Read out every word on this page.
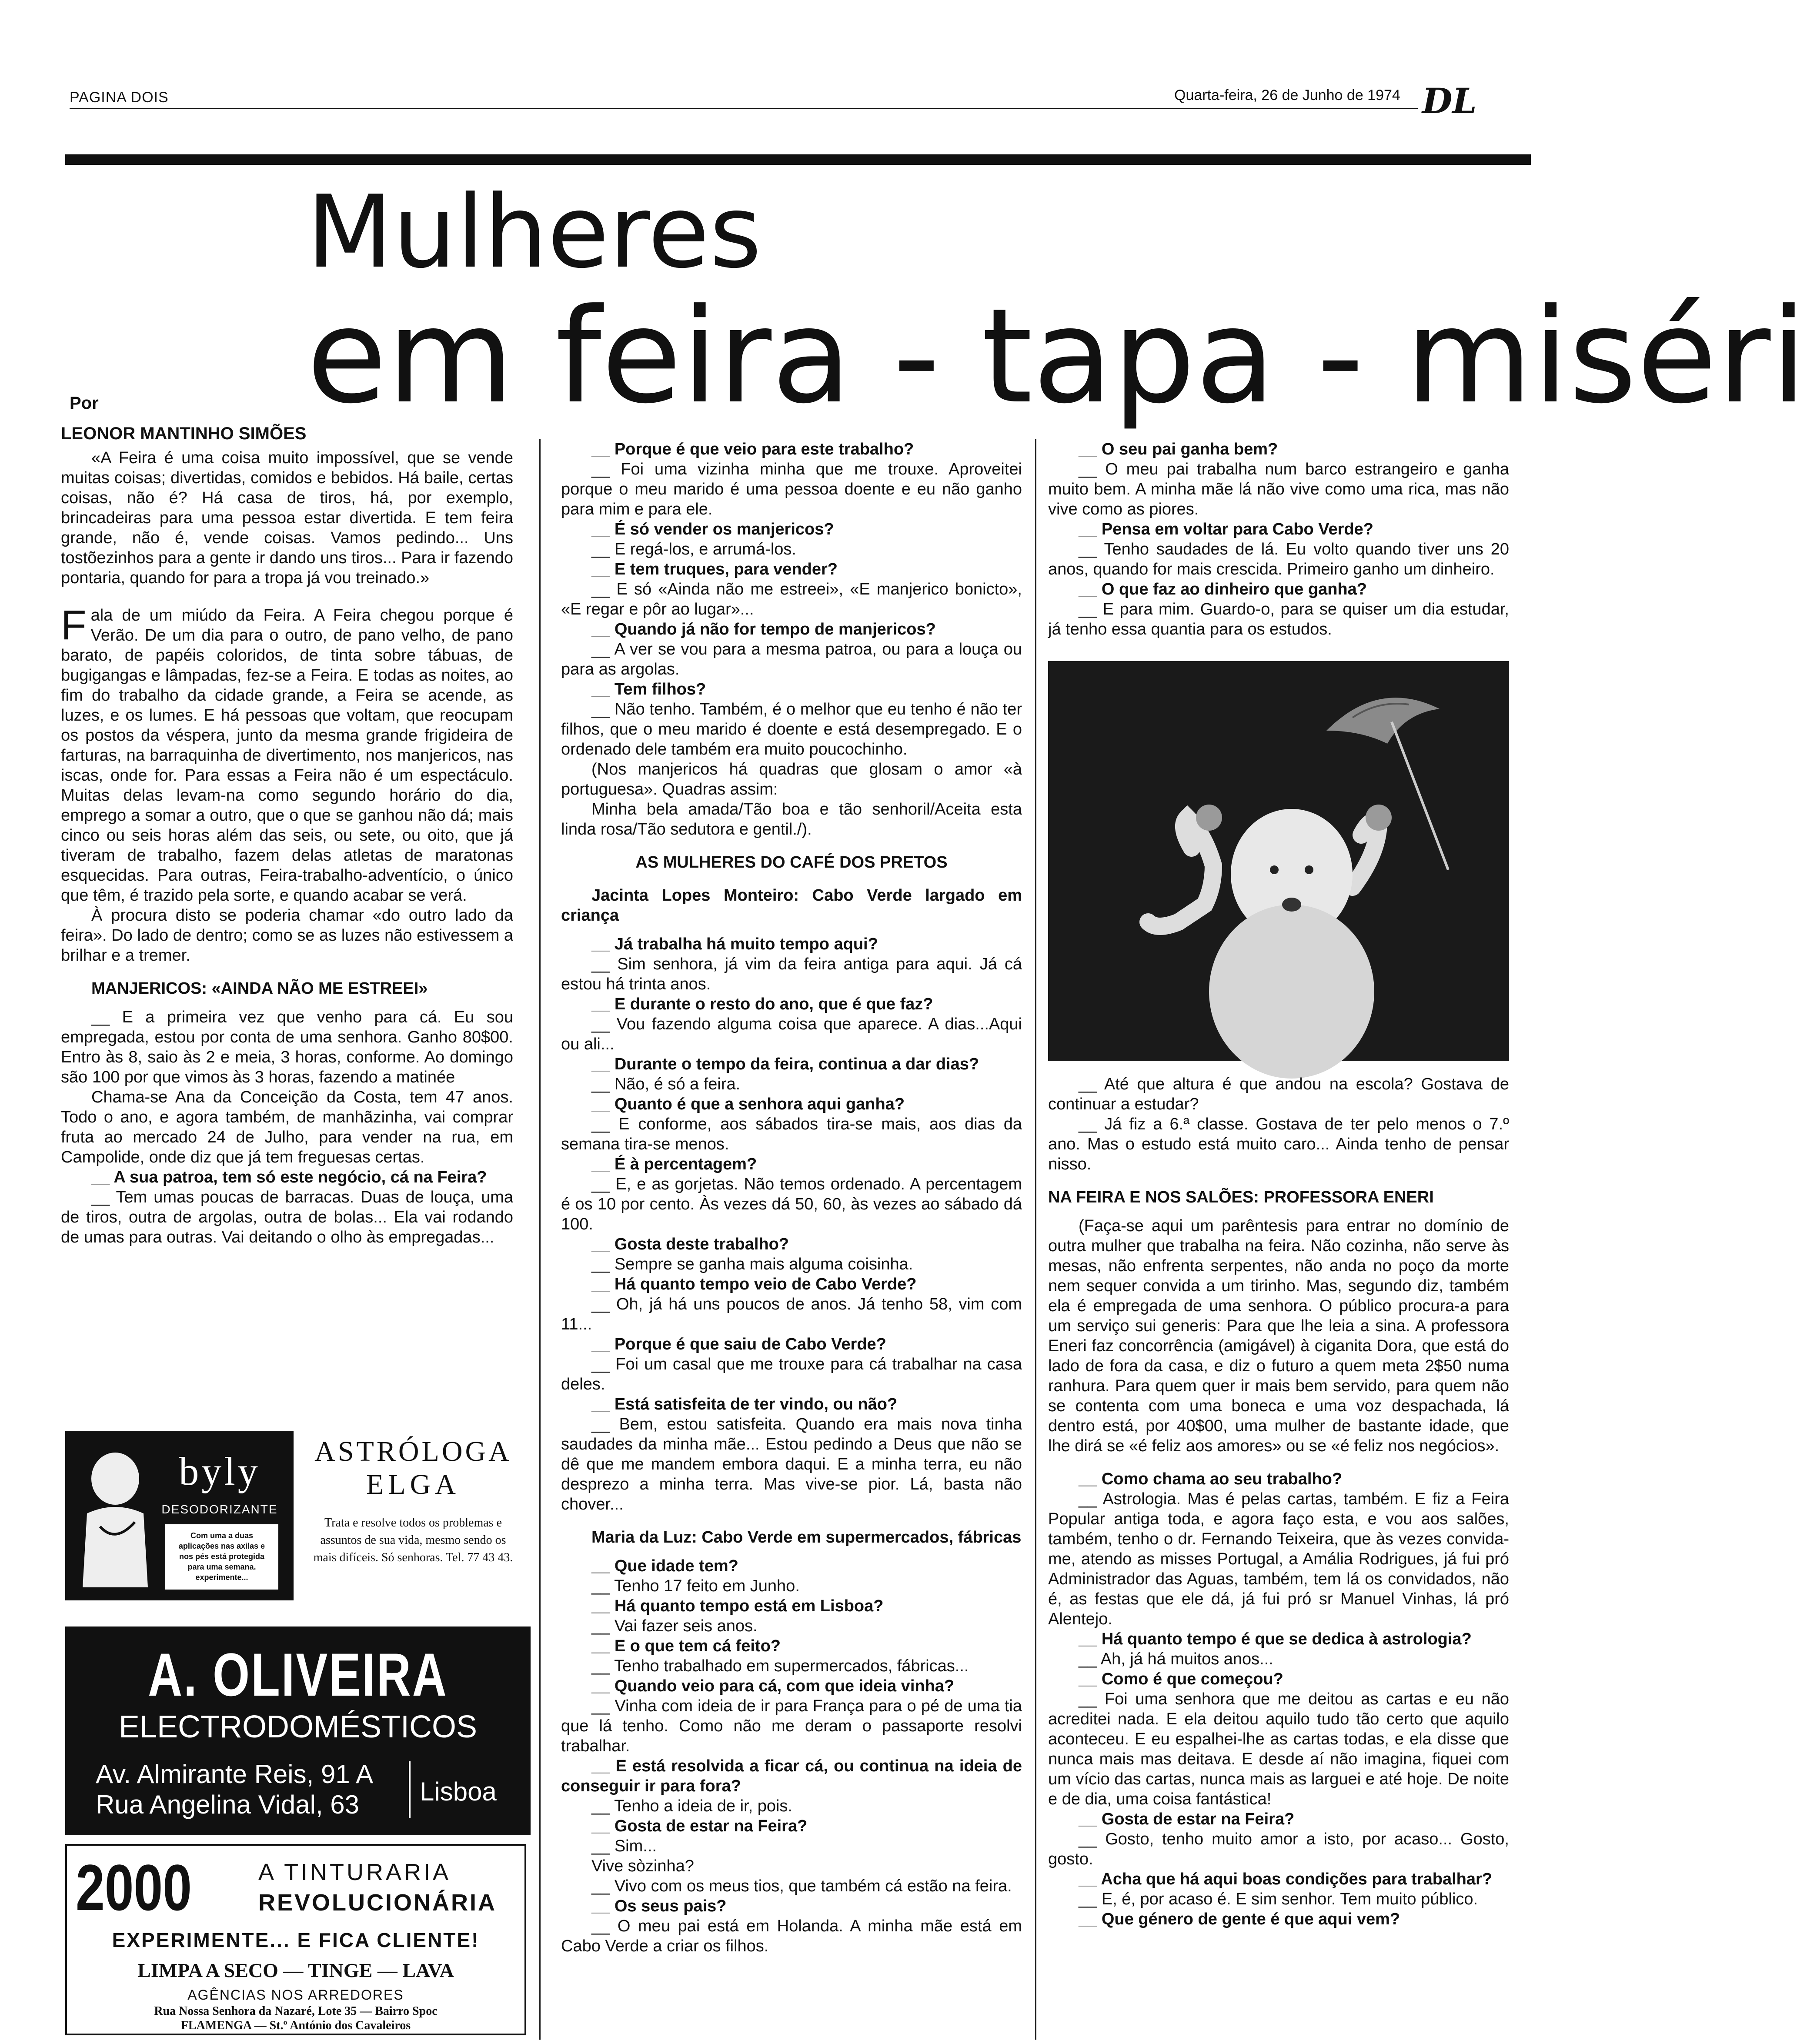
PAGINA DOIS	Quarta-feira, 26 de Junho de 1974 DL
Mulheres
em feira - tapa - miséri
Por
LEONOR MANTINHO SIMÕES

«A Feira é uma coisa muito impossível, que se vende muitas coisas; divertidas, comidos e bebidos. Há baile, certas coisas, não é? Há casa de tiros, há, por exemplo, brincadeiras para uma pessoa estar divertida. E tem feira grande, não é, vende coisas. Vamos pedindo... Uns tostõezinhos para a gente ir dando uns tiros... Para ir fazendo pontaria, quando for para a tropa já vou treinado.»

Fala de um miúdo da Feira. A Feira chegou porque é Verão. De um dia para o outro, de pano velho, de pano barato, de papéis coloridos, de tinta sobre tábuas, de bugigangas e lâmpadas, fez-se a Feira. E todas as noites, ao fim do trabalho da cidade grande, a Feira se acende, as luzes, e os lumes. E há pessoas que voltam, que reocupam os postos da véspera, junto da mesma grande frigideira de farturas, na barraquinha de divertimento, nos manjericos, nas iscas, onde for. Para essas a Feira não é um espectáculo. Muitas delas levam-na como segundo horário do dia, emprego a somar a outro, que o que se ganhou não dá; mais cinco ou seis horas além das seis, ou sete, ou oito, que já tiveram de trabalho, fazem delas atletas de maratonas esquecidas. Para outras, Feira-trabalho-adventício, o único que têm, é trazido pela sorte, e quando acabar se verá.

À procura disto se poderia chamar «do outro lado da feira». Do lado de dentro; como se as luzes não estivessem a brilhar e a tremer.

MANJERICOS: «AINDA NÃO ME ESTREEI»

__ E a primeira vez que venho para cá. Eu sou empregada, estou por conta de uma senhora. Ganho 80$00. Entro às 8, saio às 2 e meia, 3 horas, conforme. Ao domingo são 100 por que vimos às 3 horas, fazendo a matinée

Chama-se Ana da Conceição da Costa, tem 47 anos. Todo o ano, e agora também, de manhãzinha, vai comprar fruta ao mercado 24 de Julho, para vender na rua, em Campolide, onde diz que já tem freguesas certas.

__ A sua patroa, tem só este negócio, cá na Feira?

__ Tem umas poucas de barracas. Duas de louça, uma de tiros, outra de argolas, outra de bolas... Ela vai rodando de umas para outras. Vai deitando o olho às empregadas...

__ Porque é que veio para este trabalho?

__ Foi uma vizinha minha que me trouxe. Aproveitei porque o meu marido é uma pessoa doente e eu não ganho para mim e para ele.

__ É só vender os manjericos?

__ E regá-los, e arrumá-los.

__ E tem truques, para vender?

__ E só «Ainda não me estreei», «E manjerico bonicto», «E regar e pôr ao lugar»...

__ Quando já não for tempo de manjericos?

__ A ver se vou para a mesma patroa, ou para a louça ou para as argolas.

__ Tem filhos?

__ Não tenho. Também, é o melhor que eu tenho é não ter filhos, que o meu marido é doente e está desempregado. E o ordenado dele também era muito poucochinho.

(Nos manjericos há quadras que glosam o amor «à portuguesa». Quadras assim:

Minha bela amada/Tão boa e tão senhoril/Aceita esta linda rosa/Tão sedutora e gentil./).

AS MULHERES DO CAFÉ DOS PRETOS

Jacinta Lopes Monteiro: Cabo Verde largado em criança

__ Já trabalha há muito tempo aqui?

__ Sim senhora, já vim da feira antiga para aqui. Já cá estou há trinta anos.

__ E durante o resto do ano, que é que faz?

__ Vou fazendo alguma coisa que aparece. A dias...Aqui ou ali...

__ Durante o tempo da feira, continua a dar dias?

__ Não, é só a feira.

__ Quanto é que a senhora aqui ganha?

__ E conforme, aos sábados tira-se mais, aos dias da semana tira-se menos.

__ É à percentagem?

__ E, e as gorjetas. Não temos ordenado. A percentagem é os 10 por cento. Às vezes dá 50, 60, às vezes ao sábado dá 100.

__ Gosta deste trabalho?

__ Sempre se ganha mais alguma coisinha.

__ Há quanto tempo veio de Cabo Verde?

__ Oh, já há uns poucos de anos. Já tenho 58, vim com 11...

__ Porque é que saiu de Cabo Verde?

__ Foi um casal que me trouxe para cá trabalhar na casa deles.

__ Está satisfeita de ter vindo, ou não?

__ Bem, estou satisfeita. Quando era mais nova tinha saudades da minha mãe... Estou pedindo a Deus que não se dê que me mandem embora daqui. E a minha terra, eu não desprezo a minha terra. Mas vive-se pior. Lá, basta não chover...

Maria da Luz: Cabo Verde em supermercados, fábricas

__ Que idade tem?

__ Tenho 17 feito em Junho.

__ Há quanto tempo está em Lisboa?

__ Vai fazer seis anos.

__ E o que tem cá feito?

__ Tenho trabalhado em supermercados, fábricas...

__ Quando veio para cá, com que ideia vinha?

__ Vinha com ideia de ir para França para o pé de uma tia que lá tenho. Como não me deram o passaporte resolvi trabalhar.

__ E está resolvida a ficar cá, ou continua na ideia de conseguir ir para fora?

__ Tenho a ideia de ir, pois.

__ Gosta de estar na Feira?

__ Sim...

Vive sòzinha?

__ Vivo com os meus tios, que também cá estão na feira.

__ Os seus pais?

__ O meu pai está em Holanda. A minha mãe está em Cabo Verde a criar os filhos.

__ O seu pai ganha bem?

__ O meu pai trabalha num barco estrangeiro e ganha muito bem. A minha mãe lá não vive como uma rica, mas não vive como as piores.

__ Pensa em voltar para Cabo Verde?

__ Tenho saudades de lá. Eu volto quando tiver uns 20 anos, quando for mais crescida. Primeiro ganho um dinheiro.

__ O que faz ao dinheiro que ganha?

__ E para mim. Guardo-o, para se quiser um dia estudar, já tenho essa quantia para os estudos.

__ Até que altura é que andou na escola? Gostava de continuar a estudar?

__ Já fiz a 6.ª classe. Gostava de ter pelo menos o 7.º ano. Mas o estudo está muito caro... Ainda tenho de pensar nisso.

NA FEIRA E NOS SALÕES: PROFESSORA ENERI

(Faça-se aqui um parêntesis para entrar no domínio de outra mulher que trabalha na feira. Não cozinha, não serve às mesas, não enfrenta serpentes, não anda no poço da morte nem sequer convida a um tirinho. Mas, segundo diz, também ela é empregada de uma senhora. O público procura-a para um serviço sui generis: Para que lhe leia a sina. A professora Eneri faz concorrência (amigável) à ciganita Dora, que está do lado de fora da casa, e diz o futuro a quem meta 2$50 numa ranhura. Para quem quer ir mais bem servido, para quem não se contenta com uma boneca e uma voz despachada, lá dentro está, por 40$00, uma mulher de bastante idade, que lhe dirá se «é feliz aos amores» ou se «é feliz nos negócios».

__ Como chama ao seu trabalho?

__ Astrologia. Mas é pelas cartas, também. E fiz a Feira Popular antiga toda, e agora faço esta, e vou aos salões, também, tenho o dr. Fernando Teixeira, que às vezes convida-me, atendo as misses Portugal, a Amália Rodrigues, já fui pró Administrador das Aguas, também, tem lá os convidados, não é, as festas que ele dá, já fui pró sr Manuel Vinhas, lá pró Alentejo.

__ Há quanto tempo é que se dedica à astrologia?

__ Ah, já há muitos anos...

__ Como é que começou?

__ Foi uma senhora que me deitou as cartas e eu não acreditei nada. E ela deitou aquilo tudo tão certo que aquilo aconteceu. E eu espalhei-lhe as cartas todas, e ela disse que nunca mais mas deitava. E desde aí não imagina, fiquei com um vício das cartas, nunca mais as larguei e até hoje. De noite e de dia, uma coisa fantástica!

__ Gosta de estar na Feira?

__ Gosto, tenho muito amor a isto, por acaso... Gosto, gosto.

__ Acha que há aqui boas condições para trabalhar?

__ E, é, por acaso é. E sim senhor. Tem muito público.

__ Que género de gente é que aqui vem?

byly
DESODORIZANTE
Com uma a duas aplicações nas axilas e nos pés está protegida para uma semana. experimente...
ASTRÓLOGA
ELGA
Trata e resolve todos os problemas e assuntos de sua vida, mesmo sendo os mais difíceis. Só senhoras. Tel. 77 43 43.
A. OLIVEIRA
ELECTRODOMÉSTICOS
Av. Almirante Reis, 91 A
Rua Angelina Vidal, 63 Lisboa
2000	A TINTURARIA
REVOLUCIONÁRIA
EXPERIMENTE... E FICA CLIENTE!
LIMPA A SECO — TINGE — LAVA
AGÊNCIAS NOS ARREDORES
Rua Nossa Senhora da Nazaré, Lote 35 — Bairro Spoc
FLAMENGA — St.º António dos Cavaleiros
